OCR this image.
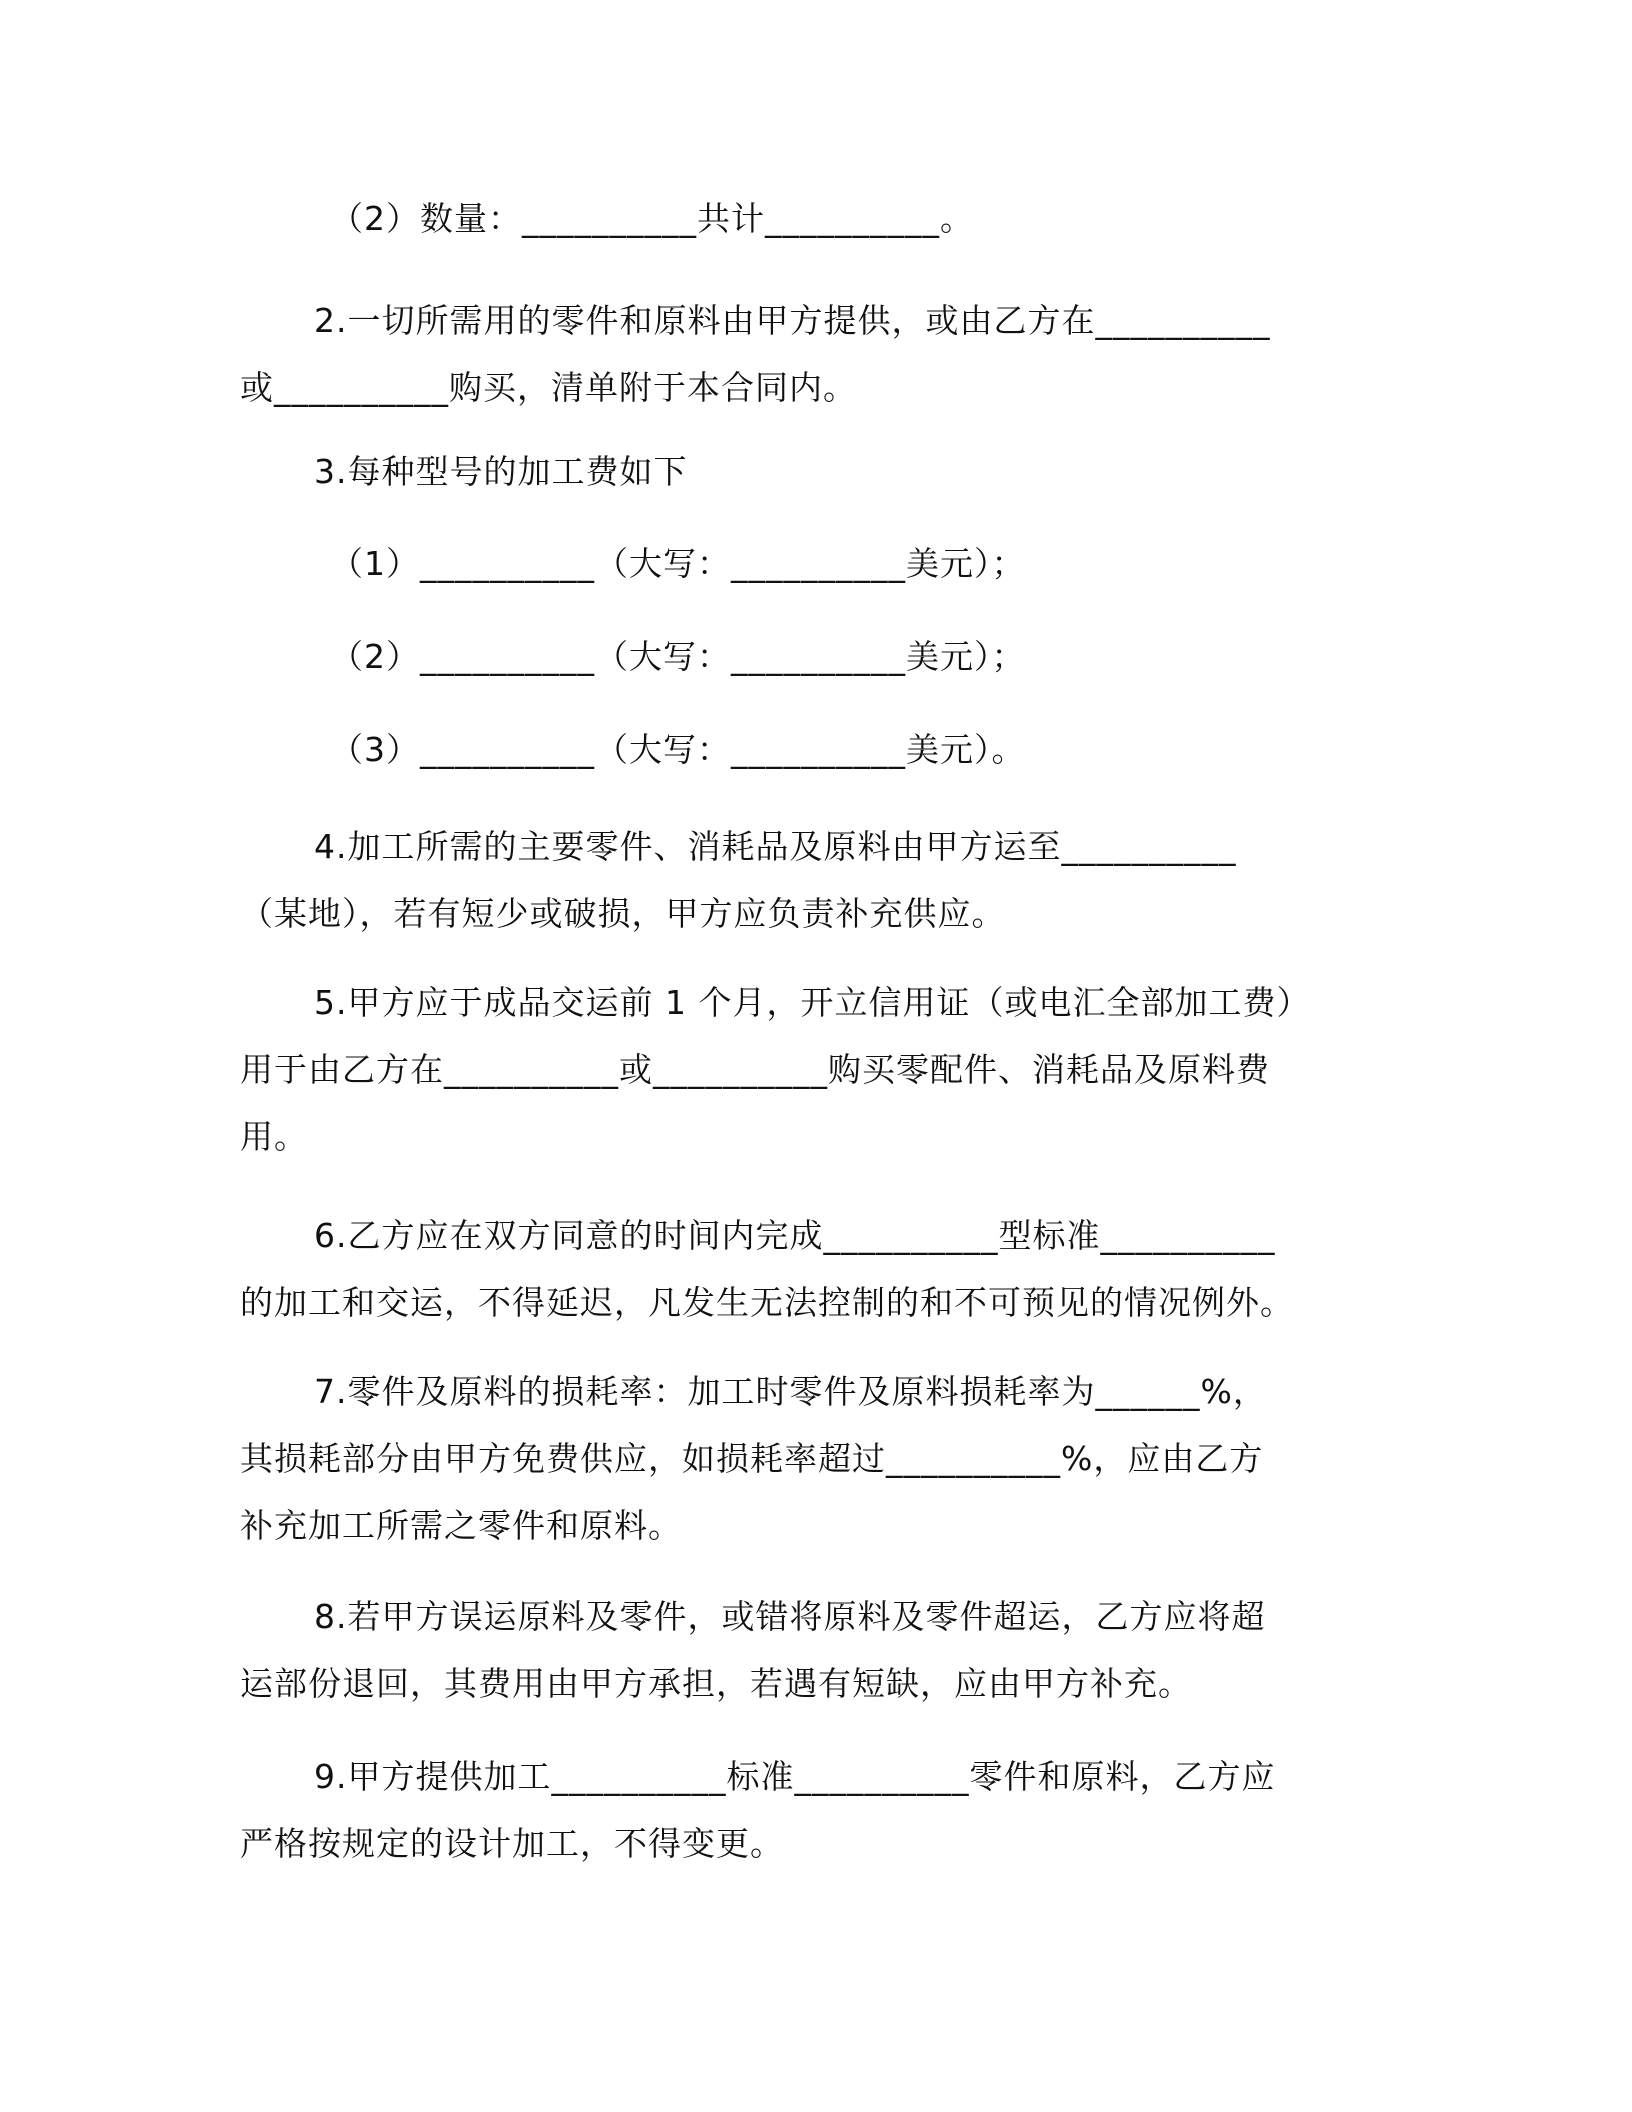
（2）数量：__________共计__________。
2.一切所需用的零件和原料由甲方提供，或由乙方在__________
或__________购买，清单附于本合同内。
3.每种型号的加工费如下
（1）__________（大写：__________美元）；
（2）__________（大写：__________美元）；
（3）__________（大写：__________美元）。
4.加工所需的主要零件、消耗品及原料由甲方运至__________
（某地），若有短少或破损，甲方应负责补充供应。
5.甲方应于成品交运前 1 个月，开立信用证（或电汇全部加工费）
用于由乙方在__________或__________购买零配件、消耗品及原料费
用。
6.乙方应在双方同意的时间内完成__________型标准__________
的加工和交运，不得延迟，凡发生无法控制的和不可预见的情况例外。
7.零件及原料的损耗率：加工时零件及原料损耗率为______%，
其损耗部分由甲方免费供应，如损耗率超过__________%，应由乙方
补充加工所需之零件和原料。
8.若甲方误运原料及零件，或错将原料及零件超运，乙方应将超
运部份退回，其费用由甲方承担，若遇有短缺，应由甲方补充。
9.甲方提供加工__________标准__________零件和原料，乙方应
严格按规定的设计加工，不得变更。
